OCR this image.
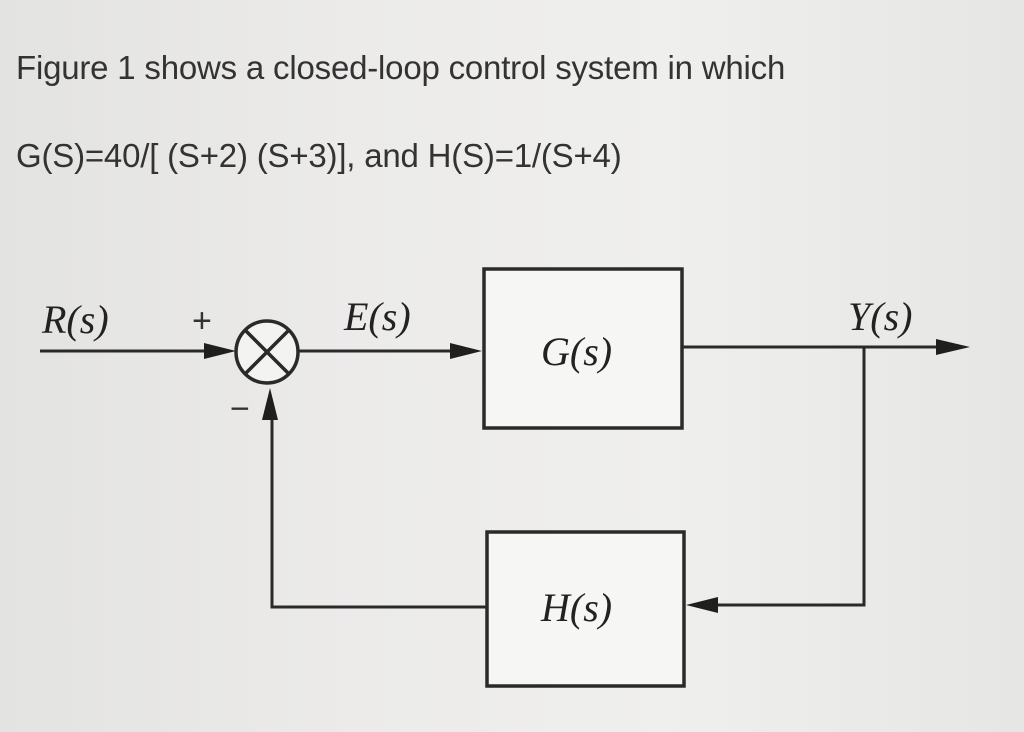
Figure 1 shows a closed-loop control system in which

G(S)=40/[ (S+2) (S+3)], and H(S)=1/(S+4)

R(s)	E(s)	Y(s)
G(s)
H(s)
+
−
